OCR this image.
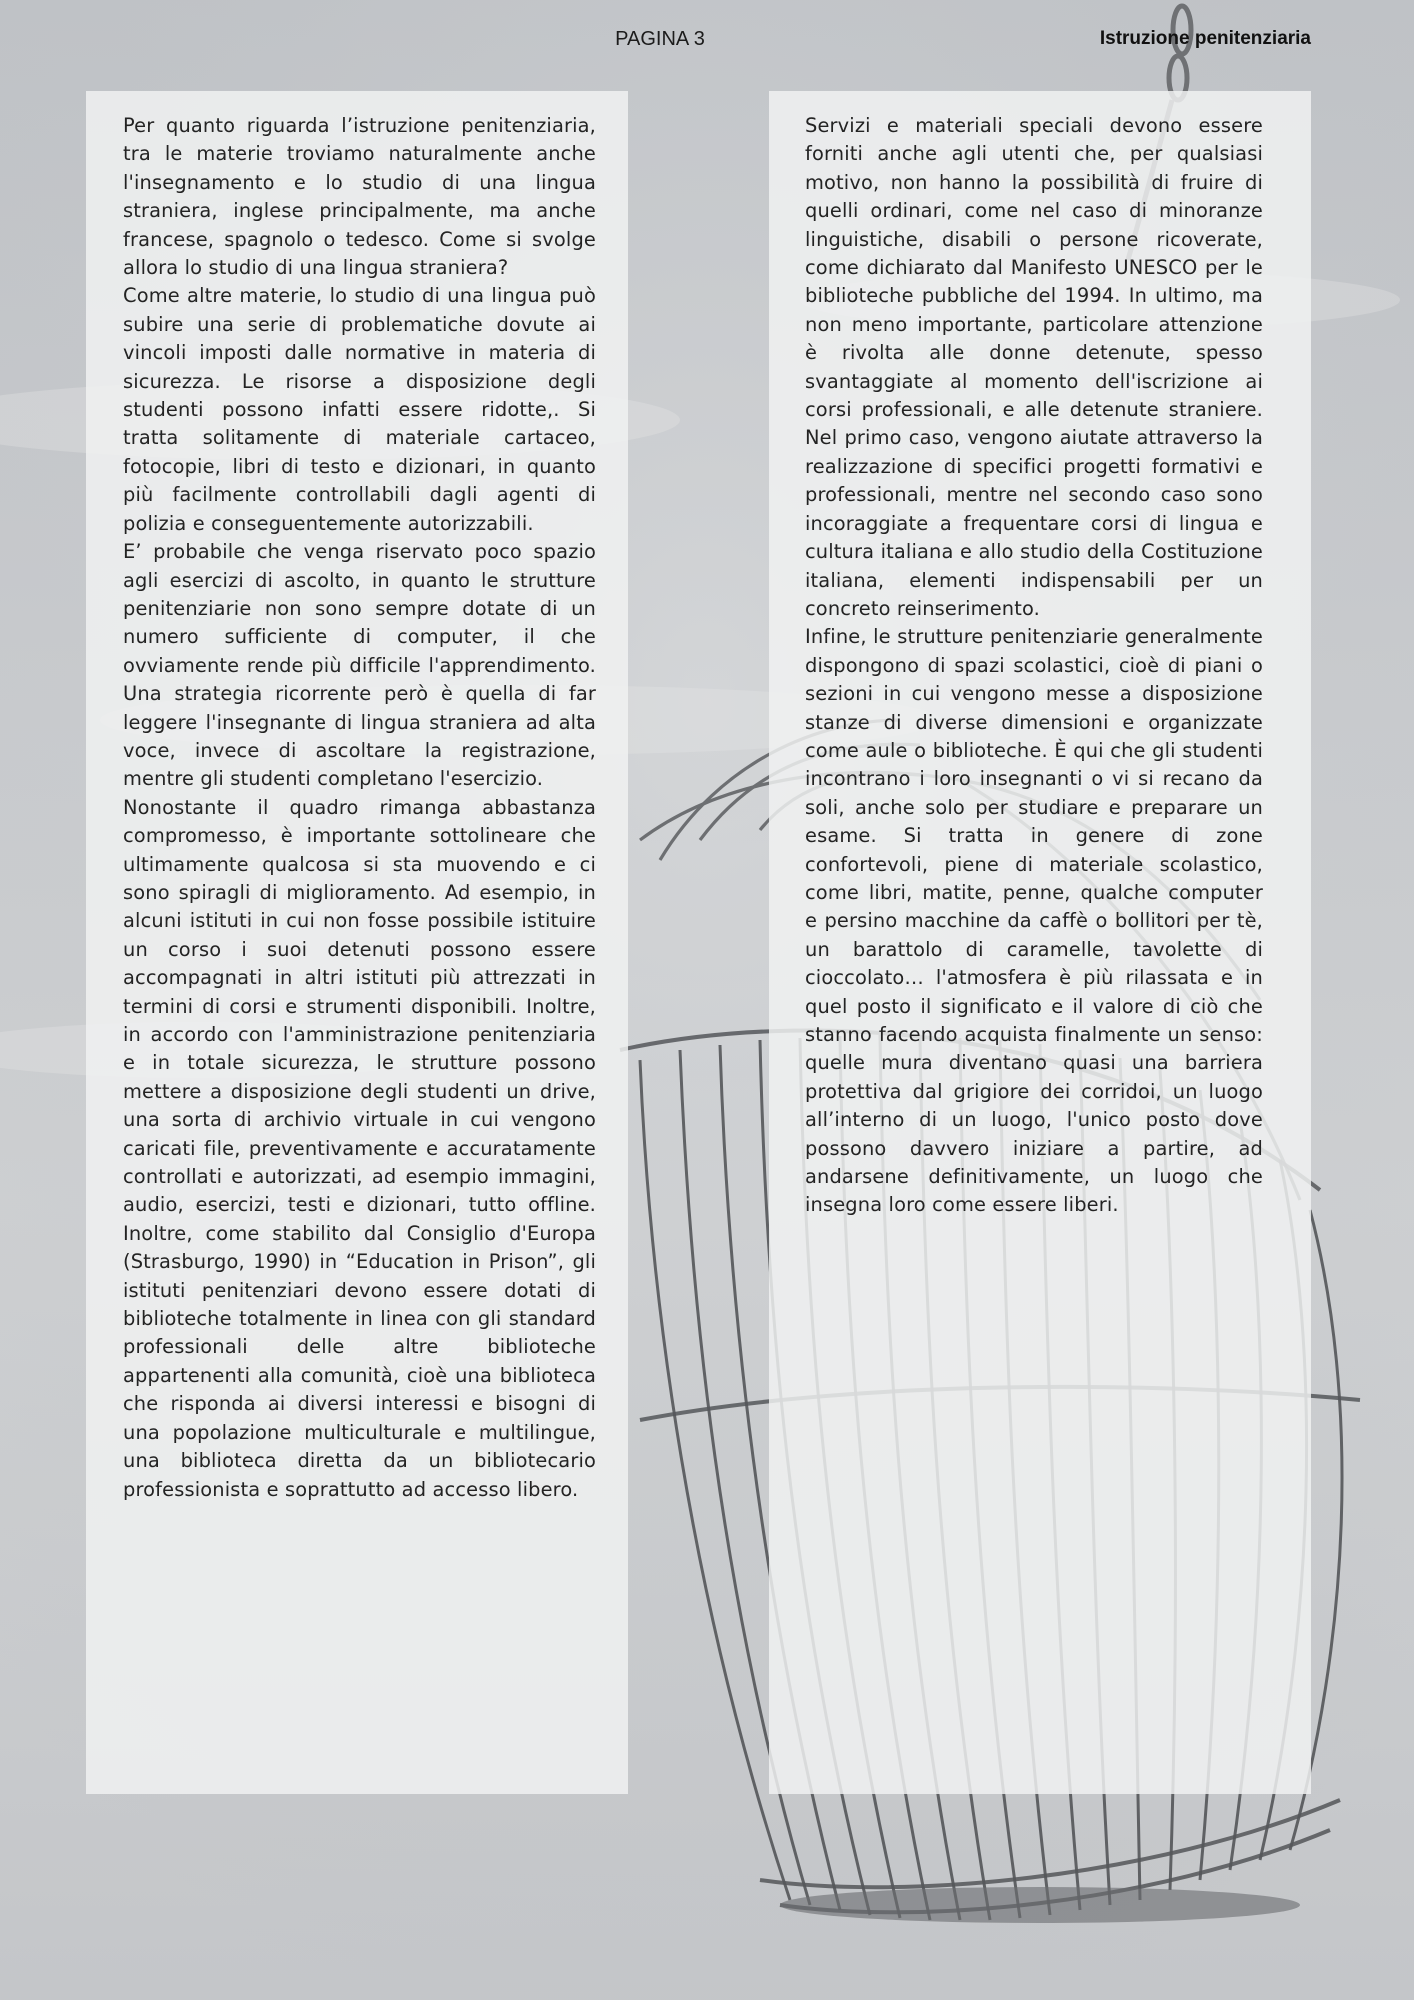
PAGINA 3	Istruzione penitenziaria

Per quanto riguarda l’istruzione penitenziaria, tra le materie troviamo naturalmente anche l'insegnamento e lo studio di una lingua straniera, inglese principalmente, ma anche francese, spagnolo o tedesco. Come si svolge allora lo studio di una lingua straniera?

Come altre materie, lo studio di una lingua può subire una serie di problematiche dovute ai vincoli imposti dalle normative in materia di sicurezza. Le risorse a disposizione degli studenti possono infatti essere ridotte,. Si tratta solitamente di materiale cartaceo, fotocopie, libri di testo e dizionari, in quanto più facilmente controllabili dagli agenti di polizia e conseguentemente autorizzabili.

E’ probabile che venga riservato poco spazio agli esercizi di ascolto, in quanto le strutture penitenziarie non sono sempre dotate di un numero sufficiente di computer, il che ovviamente rende più difficile l'apprendimento. Una strategia ricorrente però è quella di far leggere l'insegnante di lingua straniera ad alta voce, invece di ascoltare la registrazione, mentre gli studenti completano l'esercizio.

Nonostante il quadro rimanga abbastanza compromesso, è importante sottolineare che ultimamente qualcosa si sta muovendo e ci sono spiragli di miglioramento. Ad esempio, in alcuni istituti in cui non fosse possibile istituire un corso i suoi detenuti possono essere accompagnati in altri istituti più attrezzati in termini di corsi e strumenti disponibili. Inoltre, in accordo con l'amministrazione penitenziaria e in totale sicurezza, le strutture possono mettere a disposizione degli studenti un drive, una sorta di archivio virtuale in cui vengono caricati file, preventivamente e accuratamente controllati e autorizzati, ad esempio immagini, audio, esercizi, testi e dizionari, tutto offline. Inoltre, come stabilito dal Consiglio d'Europa (Strasburgo, 1990) in “Education in Prison”, gli istituti penitenziari devono essere dotati di biblioteche totalmente in linea con gli standard professionali delle altre biblioteche appartenenti alla comunità, cioè una biblioteca che risponda ai diversi interessi e bisogni di una popolazione multiculturale e multilingue, una biblioteca diretta da un bibliotecario professionista e soprattutto ad accesso libero.

Servizi e materiali speciali devono essere forniti anche agli utenti che, per qualsiasi motivo, non hanno la possibilità di fruire di quelli ordinari, come nel caso di minoranze linguistiche, disabili o persone ricoverate, come dichiarato dal Manifesto UNESCO per le biblioteche pubbliche del 1994. In ultimo, ma non meno importante, particolare attenzione è rivolta alle donne detenute, spesso svantaggiate al momento dell'iscrizione ai corsi professionali, e alle detenute straniere. Nel primo caso, vengono aiutate attraverso la realizzazione di specifici progetti formativi e professionali, mentre nel secondo caso sono incoraggiate a frequentare corsi di lingua e cultura italiana e allo studio della Costituzione italiana, elementi indispensabili per un concreto reinserimento.

Infine, le strutture penitenziarie generalmente dispongono di spazi scolastici, cioè di piani o sezioni in cui vengono messe a disposizione stanze di diverse dimensioni e organizzate come aule o biblioteche. È qui che gli studenti incontrano i loro insegnanti o vi si recano da soli, anche solo per studiare e preparare un esame. Si tratta in genere di zone confortevoli, piene di materiale scolastico, come libri, matite, penne, qualche computer e persino macchine da caffè o bollitori per tè, un barattolo di caramelle, tavolette di cioccolato… l'atmosfera è più rilassata e in quel posto il significato e il valore di ciò che stanno facendo acquista finalmente un senso: quelle mura diventano quasi una barriera protettiva dal grigiore dei corridoi, un luogo all’interno di un luogo, l'unico posto dove possono davvero iniziare a partire, ad andarsene definitivamente, un luogo che insegna loro come essere liberi.
